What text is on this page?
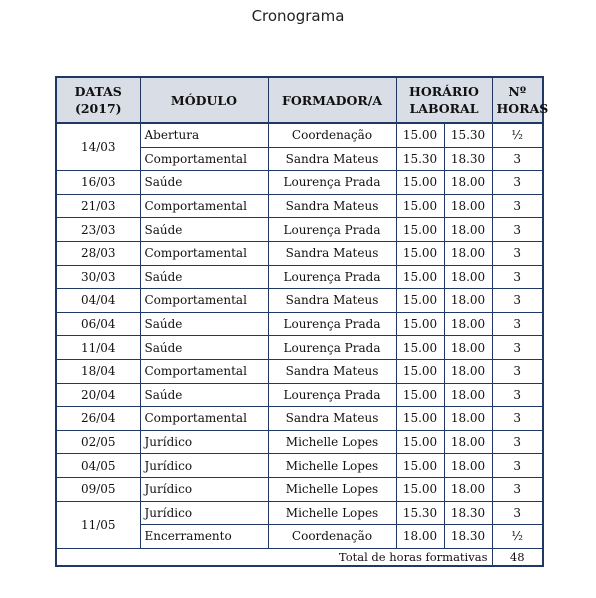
Cronograma
DATAS (2017)	MÓDULO	FORMADOR/A	HORÁRIO LABORAL		Nº HORAS
14/03	Abertura	Coordenação	15.00	15.30	½
	Comportamental	Sandra Mateus	15.30	18.30	3
16/03	Saúde	Lourença Prada	15.00	18.00	3
21/03	Comportamental	Sandra Mateus	15.00	18.00	3
23/03	Saúde	Lourença Prada	15.00	18.00	3
28/03	Comportamental	Sandra Mateus	15.00	18.00	3
30/03	Saúde	Lourença Prada	15.00	18.00	3
04/04	Comportamental	Sandra Mateus	15.00	18.00	3
06/04	Saúde	Lourença Prada	15.00	18.00	3
11/04	Saúde	Lourença Prada	15.00	18.00	3
18/04	Comportamental	Sandra Mateus	15.00	18.00	3
20/04	Saúde	Lourença Prada	15.00	18.00	3
26/04	Comportamental	Sandra Mateus	15.00	18.00	3
02/05	Jurídico	Michelle Lopes	15.00	18.00	3
04/05	Jurídico	Michelle Lopes	15.00	18.00	3
09/05	Jurídico	Michelle Lopes	15.00	18.00	3
11/05	Jurídico	Michelle Lopes	15.30	18.30	3
	Encerramento	Coordenação	18.00	18.30	½
Total de horas formativas					48
